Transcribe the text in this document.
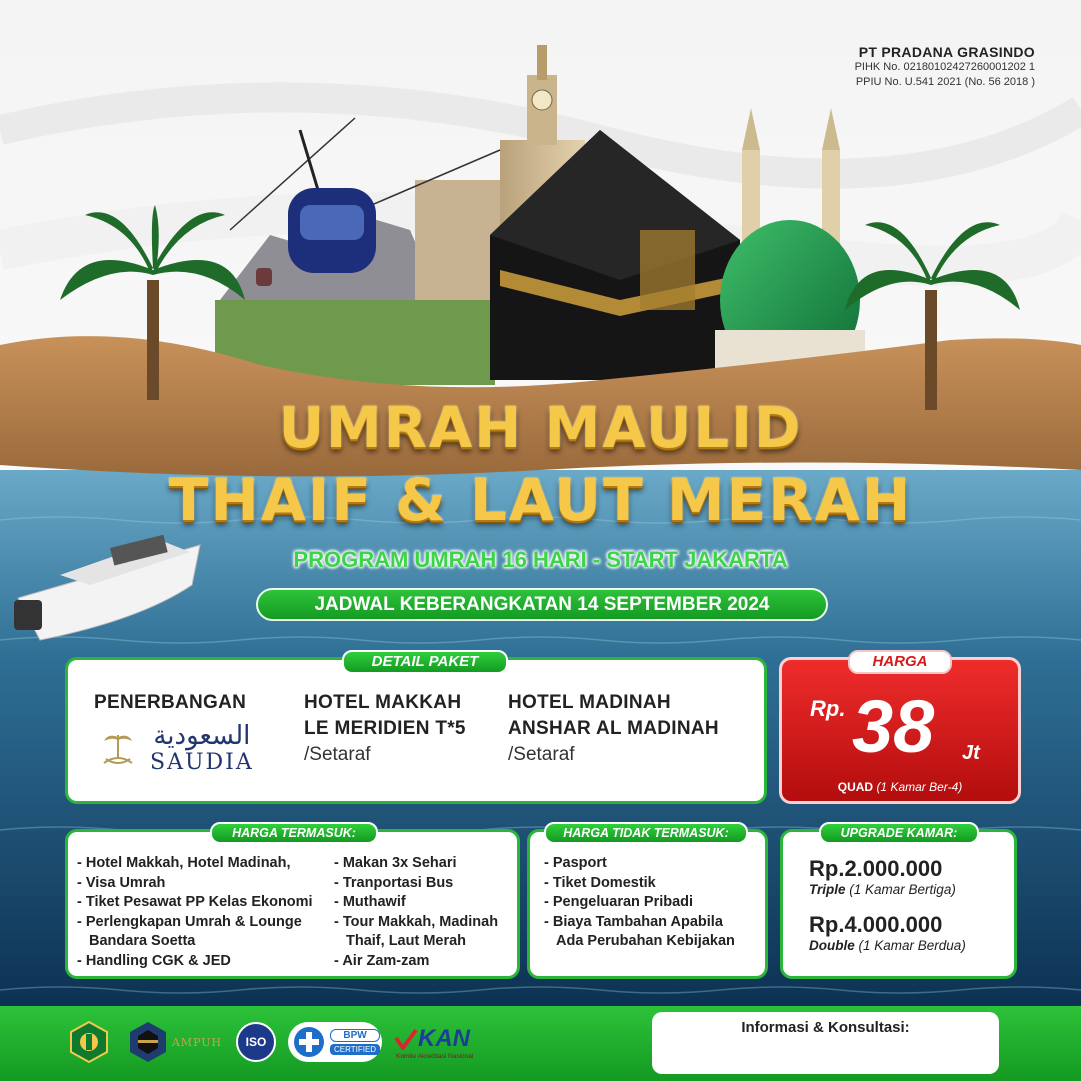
PT PRADANA GRASINDO
PIHK No. 02180102427260001202 1
PPIU No. U.541 2021 (No. 56 2018 )
UMRAH MAULID
THAIF & LAUT MERAH
PROGRAM UMRAH 16 HARI - START JAKARTA
JADWAL KEBERANGKATAN 14 SEPTEMBER 2024
DETAIL PAKET
PENERBANGAN
السعودية
SAUDIA
HOTEL MAKKAH
LE MERIDIEN T*5
/Setaraf
HOTEL MADINAH
ANSHAR AL MADINAH
/Setaraf
HARGA
Rp. 38 Jt
QUAD (1 Kamar Ber-4)
HARGA TERMASUK:
- Hotel Makkah, Hotel Madinah,
- Visa Umrah
- Tiket Pesawat PP Kelas Ekonomi
- Perlengkapan Umrah & Lounge
Bandara Soetta
- Handling CGK & JED
- Makan 3x Sehari
- Tranportasi Bus
- Muthawif
- Tour Makkah, Madinah
Thaif, Laut Merah
- Air Zam-zam
HARGA TIDAK TERMASUK:
- Pasport
- Tiket Domestik
- Pengeluaran Pribadi
- Biaya Tambahan Apabila
Ada Perubahan Kebijakan
UPGRADE KAMAR:
Rp.2.000.000
Triple (1 Kamar Bertiga)
Rp.4.000.000
Double (1 Kamar Berdua)
AMPUH ISO	BPW
CERTIFIED KAN
Komite Akreditasi Nasional
Informasi & Konsultasi:
